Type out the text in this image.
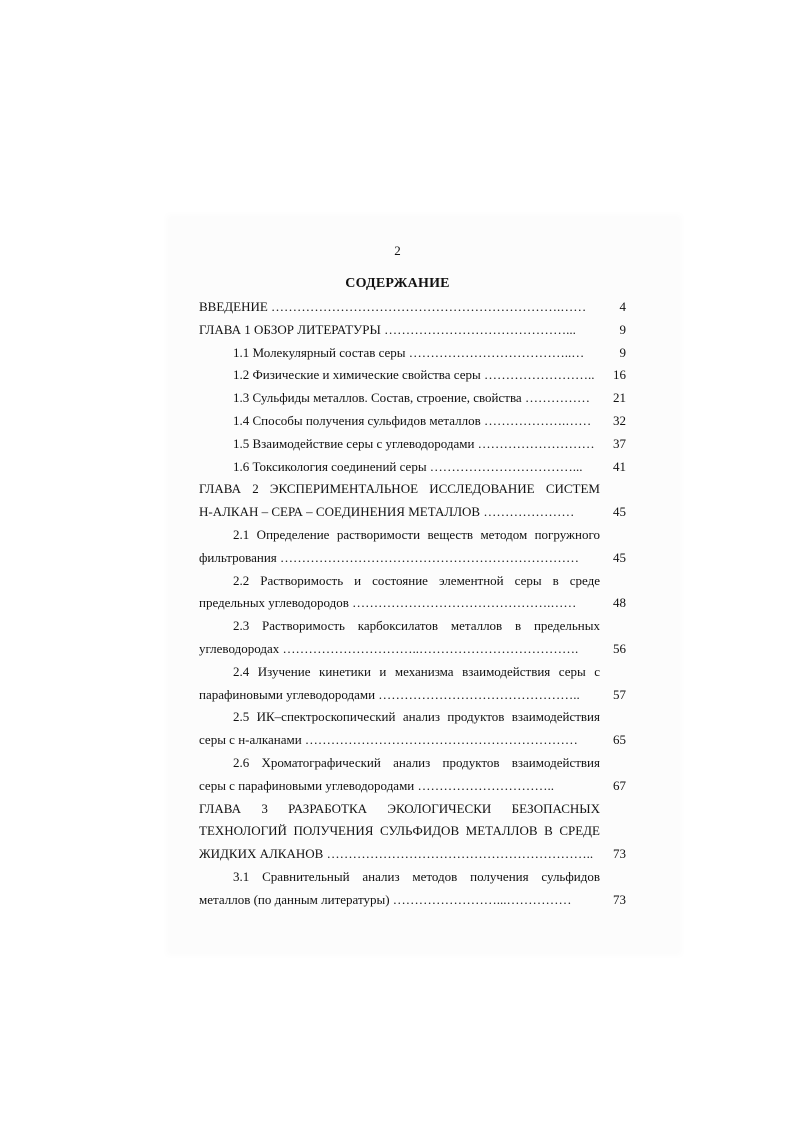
2
СОДЕРЖАНИЕ
ВВЕДЕНИЕ ………………………………………………………….……	4
ГЛАВА 1 ОБЗОР ЛИТЕРАТУРЫ ……………………………………...	9
1.1 Молекулярный состав серы ………………………………..…	9
1.2 Физические и химические свойства серы ……………………..	16
1.3 Сульфиды металлов. Состав, строение, свойства ……………	21
1.4 Способы получения сульфидов металлов ……………….……	32
1.5 Взаимодействие серы с углеводородами ………………………	37
1.6 Токсикология соединений серы ……………………………...	41
ГЛАВА 2 ЭКСПЕРИМЕНТАЛЬНОЕ ИССЛЕДОВАНИЕ СИСТЕМ
Н-АЛКАН – СЕРА – СОЕДИНЕНИЯ МЕТАЛЛОВ …………………	45
2.1 Определение растворимости веществ методом погружного
фильтрования ……………………………………………………………	45
2.2 Растворимость и состояние элементной серы в среде
предельных углеводородов ……………………………………….……	48
2.3 Растворимость карбоксилатов металлов в предельных
углеводородах …………………………..……………………………….	56
2.4 Изучение кинетики и механизма взаимодействия серы с
парафиновыми углеводородами ………………………………………..	57
2.5 ИК–спектроскопический анализ продуктов взаимодействия
серы с н-алканами ………………………………………………………	65
2.6 Хроматографический анализ продуктов взаимодействия
серы с парафиновыми углеводородами …………………………..	67
ГЛАВА 3 РАЗРАБОТКА ЭКОЛОГИЧЕСКИ БЕЗОПАСНЫХ
ТЕХНОЛОГИЙ ПОЛУЧЕНИЯ СУЛЬФИДОВ МЕТАЛЛОВ В СРЕДЕ
ЖИДКИХ АЛКАНОВ ……………………………………………………..	73
3.1 Сравнительный анализ методов получения сульфидов
металлов (по данным литературы) ……………………...……………	73
